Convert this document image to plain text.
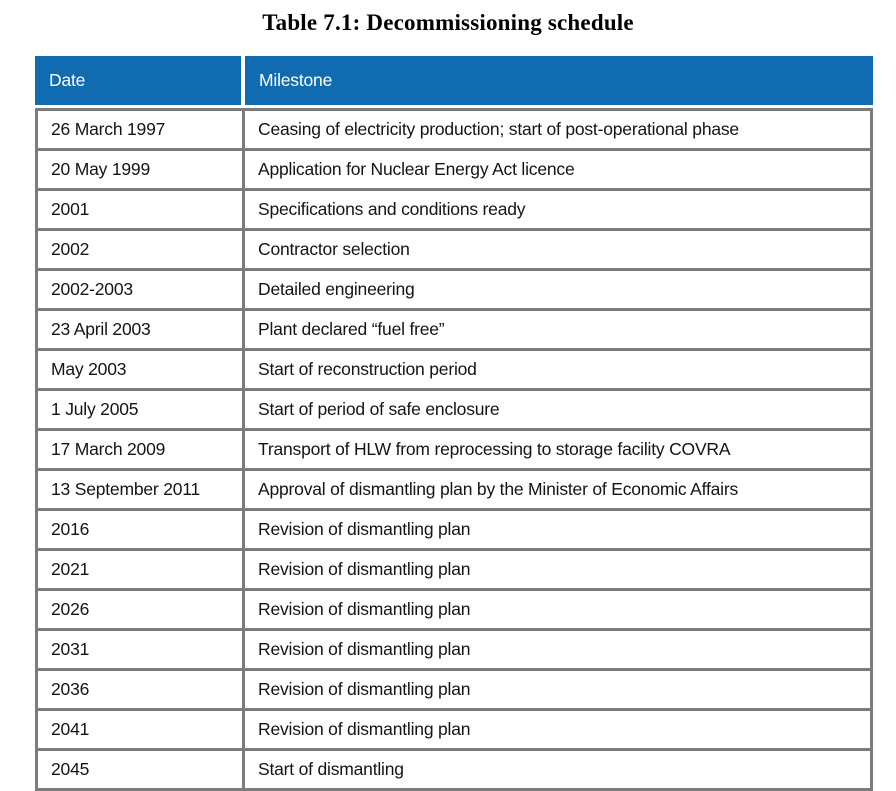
Table 7.1: Decommissioning schedule
Date	Milestone
26 March 1997	Ceasing of electricity production; start of post-operational phase
20 May 1999	Application for Nuclear Energy Act licence
2001	Specifications and conditions ready
2002	Contractor selection
2002-2003	Detailed engineering
23 April 2003	Plant declared “fuel free”
May 2003	Start of reconstruction period
1 July 2005	Start of period of safe enclosure
17 March 2009	Transport of HLW from reprocessing to storage facility COVRA
13 September 2011	Approval of dismantling plan by the Minister of Economic Affairs
2016	Revision of dismantling plan
2021	Revision of dismantling plan
2026	Revision of dismantling plan
2031	Revision of dismantling plan
2036	Revision of dismantling plan
2041	Revision of dismantling plan
2045	Start of dismantling
